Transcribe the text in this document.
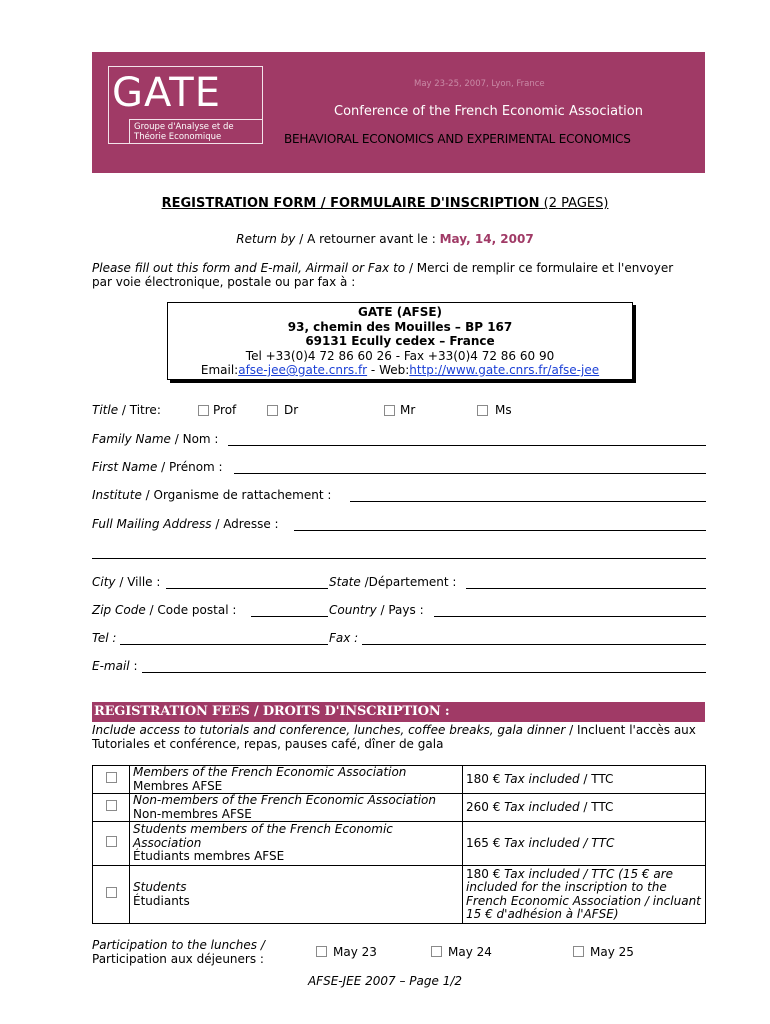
GATE
Groupe d'Analyse et de Théorie Economique
May 23-25, 2007, Lyon, France
Conference of the French Economic Association
BEHAVIORAL ECONOMICS AND EXPERIMENTAL ECONOMICS
REGISTRATION FORM / FORMULAIRE D'INSCRIPTION (2 PAGES)
Return by / A retourner avant le : May, 14, 2007
Please fill out this form and E-mail, Airmail or Fax to / Merci de remplir ce formulaire et l'envoyer par voie électronique, postale ou par fax à :
GATE (AFSE)
93, chemin des Mouilles – BP 167
69131 Ecully cedex – France
Tel +33(0)4 72 86 60 26 - Fax +33(0)4 72 86 60 90
Email:afse-jee@gate.cnrs.fr - Web:http://www.gate.cnrs.fr/afse-jee
Title / Titre:	Prof	Dr	Mr	Ms
Family Name / Nom :
First Name / Prénom :
Institute / Organisme de rattachement :
Full Mailing Address / Adresse :
City / Ville :	State /Département :
Zip Code / Code postal :	Country / Pays :
Tel :	Fax :
E-mail :
REGISTRATION FEES / DROITS D'INSCRIPTION :
Include access to tutorials and conference, lunches, coffee breaks, gala dinner / Incluent l'accès aux Tutoriales et conférence, repas, pauses café, dîner de gala
	Members of the French Economic Association
Membres AFSE	180 € Tax included / TTC
	Non-members of the French Economic Association Non-membres AFSE	260 € Tax included / TTC
	Students members of the French Economic Association
Étudiants membres AFSE	165 € Tax included / TTC
	Students
Étudiants	180 € Tax included / TTC (15 € are included for the inscription to the French Economic Association / incluant 15 € d'adhésion à l'AFSE)
Participation to the lunches /
Participation aux déjeuners :	May 23	May 24	May 25
AFSE-JEE 2007 – Page 1/2
